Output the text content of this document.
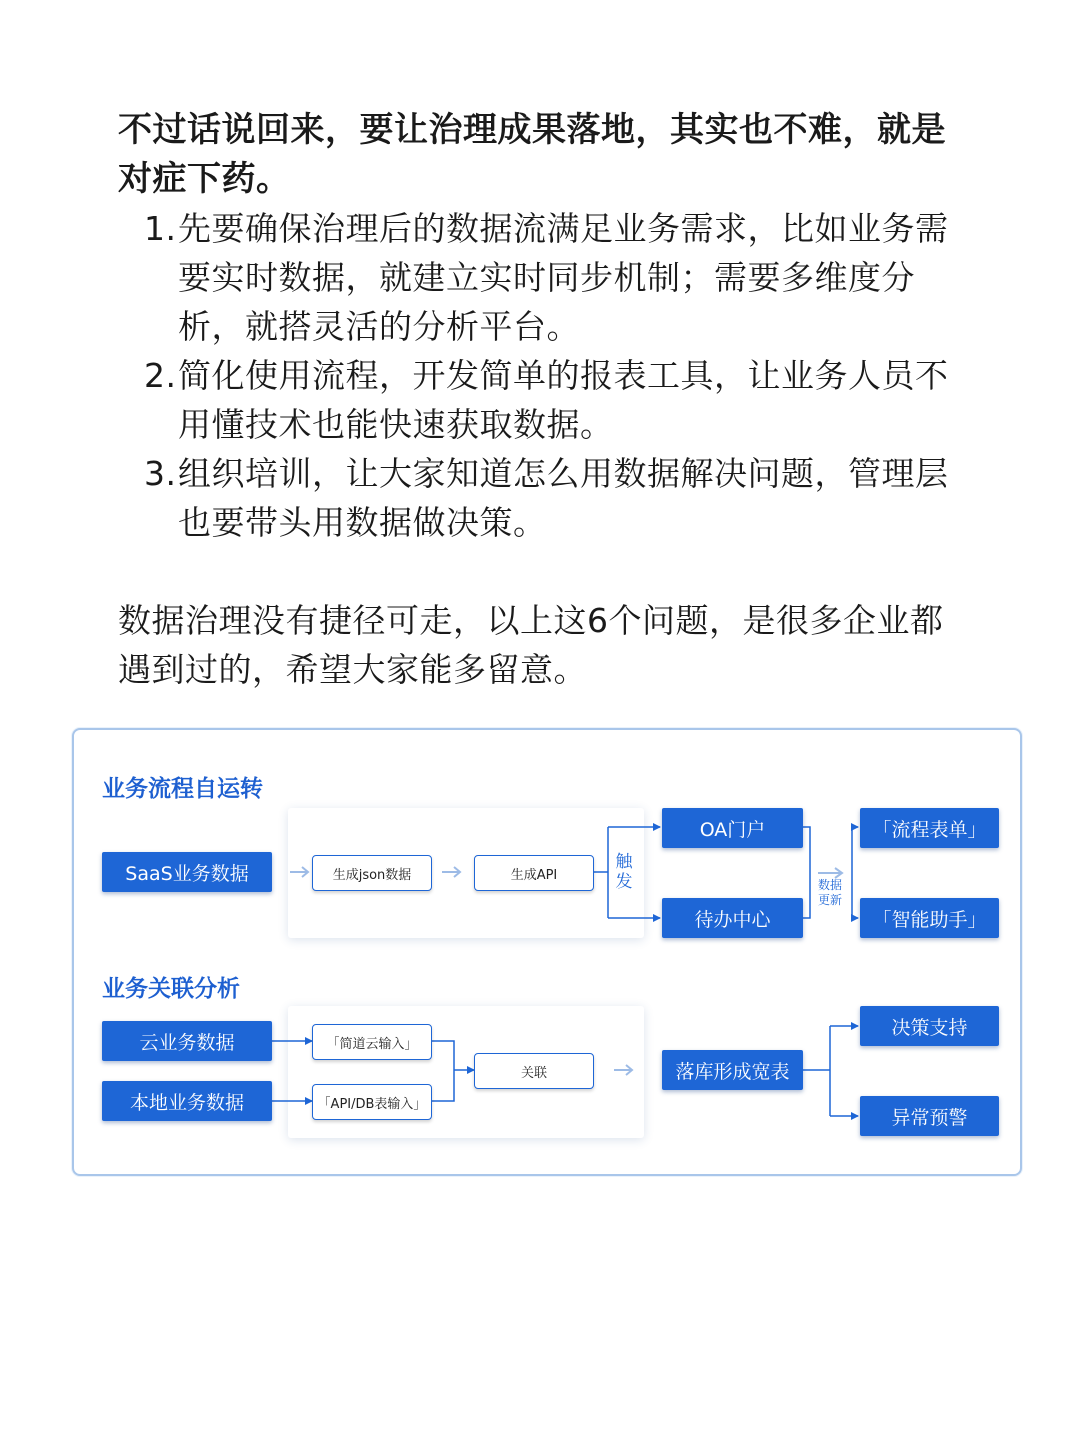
不过话说回来，要让治理成果落地，其实也不难，就是对症下药。

1. 先要确保治理后的数据流满足业务需求，比如业务需要实时数据，就建立实时同步机制；需要多维度分析，就搭灵活的分析平台。
2. 简化使用流程，开发简单的报表工具，让业务人员不用懂技术也能快速获取数据。
3. 组织培训，让大家知道怎么用数据解决问题，管理层也要带头用数据做决策。

数据治理没有捷径可走，以上这6个问题，是很多企业都遇到过的，希望大家能多留意。

业务流程自运转
业务关联分析
SaaS业务数据	生成json数据	生成API
触发
OA门户
待办中心
数据更新
「流程表单」
「智能助手」
云业务数据
本地业务数据
「简道云输入」
「API/DB表输入」
关联	落库形成宽表
决策支持
异常预警
